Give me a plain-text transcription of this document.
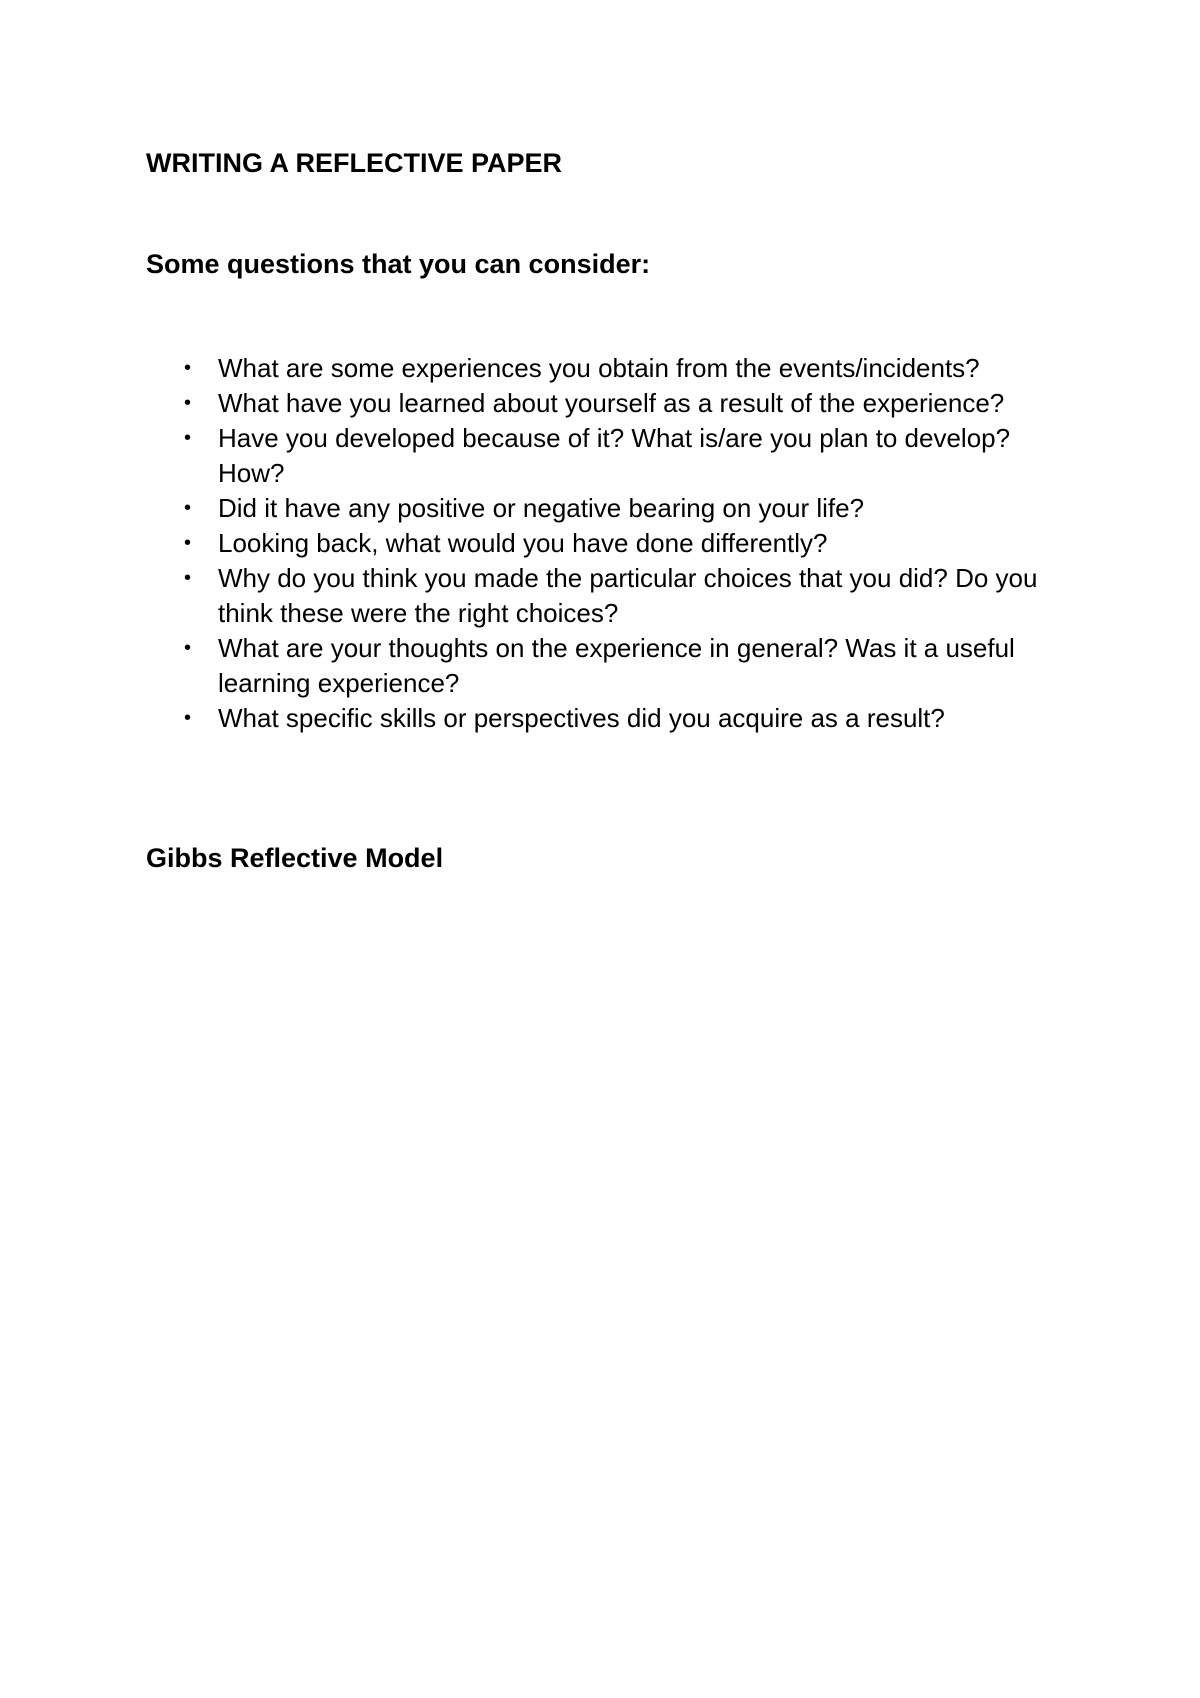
WRITING A REFLECTIVE PAPER
Some questions that you can consider:
• What are some experiences you obtain from the events/incidents?
• What have you learned about yourself as a result of the experience?
• Have you developed because of it? What is/are you plan to develop? How?
• Did it have any positive or negative bearing on your life?
• Looking back, what would you have done differently?
• Why do you think you made the particular choices that you did? Do you think these were the right choices?
• What are your thoughts on the experience in general? Was it a useful learning experience?
• What specific skills or perspectives did you acquire as a result?
Gibbs Reflective Model
